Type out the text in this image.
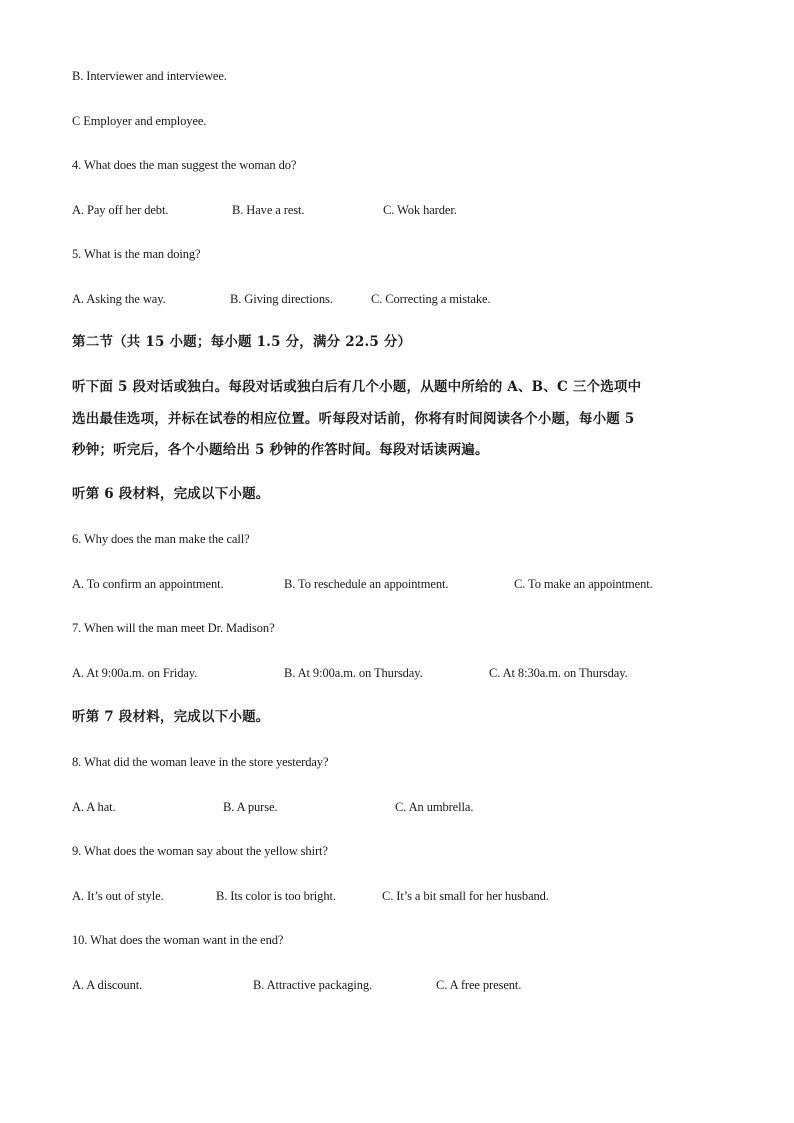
B. Interviewer and interviewee.
C Employer and employee.
4. What does the man suggest the woman do?
A. Pay off her debt.	B. Have a rest.	C. Wok harder.
5. What is the man doing?
A. Asking the way.	B. Giving directions.	C. Correcting a mistake.
第二节（共 15 小题；每小题 1.5 分，满分 22.5 分）
听下面 5 段对话或独白。每段对话或独白后有几个小题，从题中所给的 A、B、C 三个选项中
选出最佳选项，并标在试卷的相应位置。听每段对话前，你将有时间阅读各个小题，每小题 5
秒钟；听完后，各个小题给出 5 秒钟的作答时间。每段对话读两遍。
听第 6 段材料，完成以下小题。
6. Why does the man make the call?
A. To confirm an appointment.	B. To reschedule an appointment.	C. To make an appointment.
7. When will the man meet Dr. Madison?
A. At 9:00a.m. on Friday.	B. At 9:00a.m. on Thursday.	C. At 8:30a.m. on Thursday.
听第 7 段材料，完成以下小题。
8. What did the woman leave in the store yesterday?
A. A hat.	B. A purse.	C. An umbrella.
9. What does the woman say about the yellow shirt?
A. It’s out of style.	B. Its color is too bright.	C. It’s a bit small for her husband.
10. What does the woman want in the end?
A. A discount.	B. Attractive packaging.	C. A free present.
